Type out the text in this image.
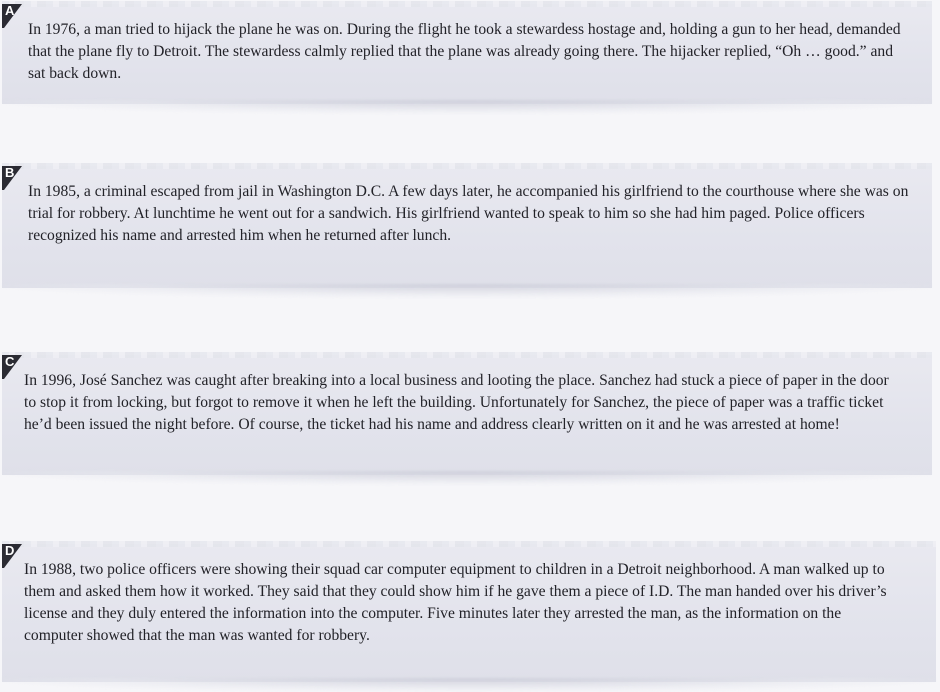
A

In 1976, a man tried to hijack the plane he was on. During the flight he took a stewardess hostage and, holding a gun to her head, demanded that the plane fly to Detroit. The stewardess calmly replied that the plane was already going there. The hijacker replied, “Oh … good.” and sat back down.

B

In 1985, a criminal escaped from jail in Washington D.C. A few days later, he accompanied his girlfriend to the courthouse where she was on trial for robbery. At lunchtime he went out for a sandwich. His girlfriend wanted to speak to him so she had him paged. Police officers recognized his name and arrested him when he returned after lunch.

C

In 1996, José Sanchez was caught after breaking into a local business and looting the place. Sanchez had stuck a piece of paper in the door to stop it from locking, but forgot to remove it when he left the building. Unfortunately for Sanchez, the piece of paper was a traffic ticket he’d been issued the night before. Of course, the ticket had his name and address clearly written on it and he was arrested at home!

D

In 1988, two police officers were showing their squad car computer equipment to children in a Detroit neighborhood. A man walked up to them and asked them how it worked. They said that they could show him if he gave them a piece of I.D. The man handed over his driver’s license and they duly entered the information into the computer. Five minutes later they arrested the man, as the information on the computer showed that the man was wanted for robbery.
